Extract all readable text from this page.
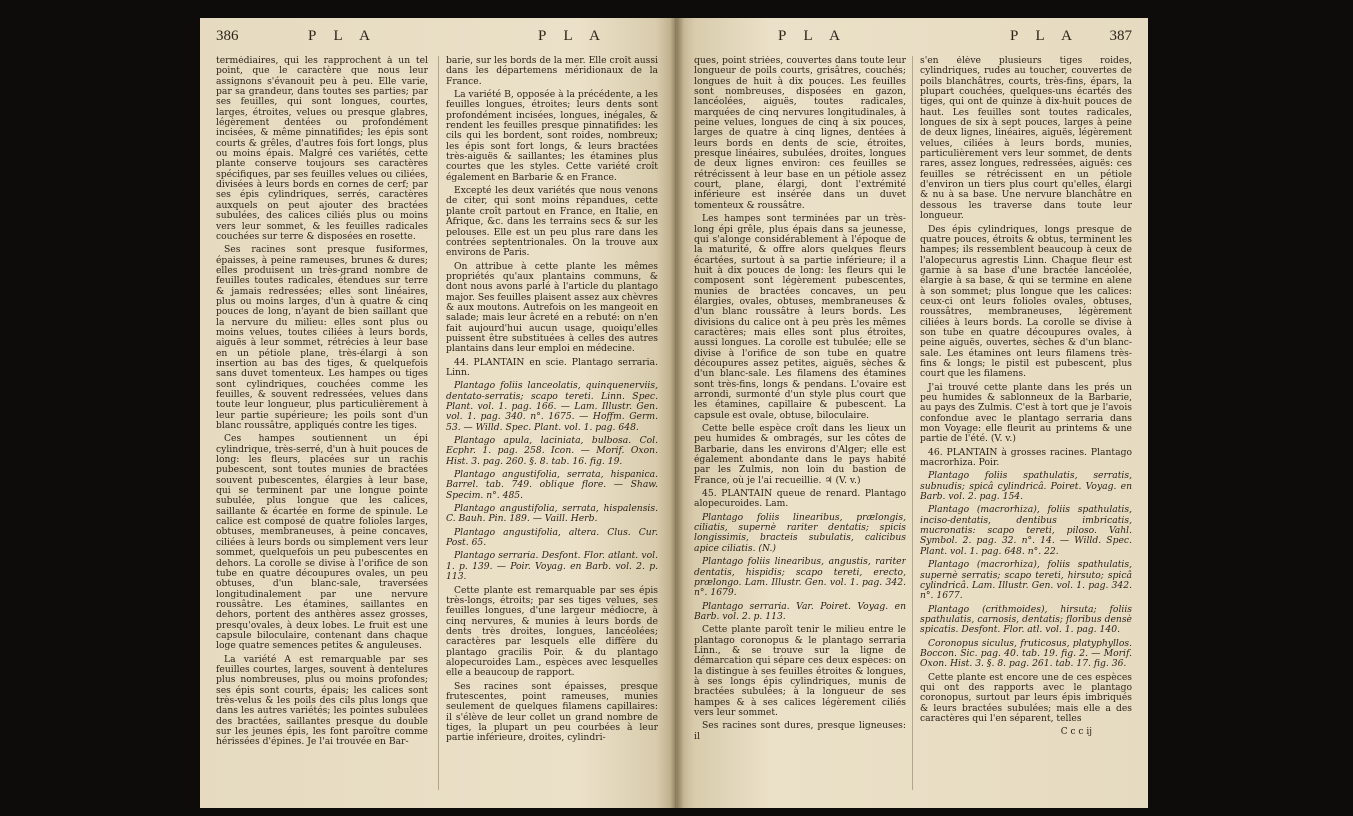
386	P L A	P L A

termédiaires, qui les rapprochent à un tel point, que le caractère que nous leur assignons s'évanouit peu à peu. Elle varie, par sa grandeur, dans toutes ses parties; par ses feuilles, qui sont longues, courtes, larges, étroites, velues ou presque glabres, légèrement dentées ou profondément incisées, & même pinnatifides; les épis sont courts & grêles, d'autres fois fort longs, plus ou moins épais. Malgré ces variétés, cette plante conserve toujours ses caractères spécifiques, par ses feuilles velues ou ciliées, divisées à leurs bords en cornes de cerf; par ses épis cylindriques, serrés, caractères auxquels on peut ajouter des bractées subulées, des calices ciliés plus ou moins vers leur sommet, & les feuilles radicales couchées sur terre & disposées en rosette.

Ses racines sont presque fusiformes, épaisses, à peine rameuses, brunes & dures; elles produisent un très-grand nombre de feuilles toutes radicales, étendues sur terre & jamais redressées; elles sont linéaires, plus ou moins larges, d'un à quatre & cinq pouces de long, n'ayant de bien saillant que la nervure du milieu: elles sont plus ou moins velues, toutes ciliées à leurs bords, aiguës à leur sommet, rétrécies à leur base en un pétiole plane, très-élargi à son insertion au bas des tiges, & quelquefois sans duvet tomenteux. Les hampes ou tiges sont cylindriques, couchées comme les feuilles, & souvent redressées, velues dans toute leur longueur, plus particulièrement à leur partie supérieure; les poils sont d'un blanc roussâtre, appliqués contre les tiges.

Ces hampes soutiennent un épi cylindrique, très-serré, d'un à huit pouces de long: les fleurs, placées sur un rachis pubescent, sont toutes munies de bractées souvent pubescentes, élargies à leur base, qui se terminent par une longue pointe subulée, plus longue que les calices, saillante & écartée en forme de spinule. Le calice est composé de quatre folioles larges, obtuses, membraneuses, à peine concaves, ciliées à leurs bords ou simplement vers leur sommet, quelquefois un peu pubescentes en dehors. La corolle se divise à l'orifice de son tube en quatre découpures ovales, un peu obtuses, d'un blanc-sale, traversées longitudinalement par une nervure roussâtre. Les étamines, saillantes en dehors, portent des anthères assez grosses, presqu'ovales, à deux lobes. Le fruit est une capsule biloculaire, contenant dans chaque loge quatre semences petites & anguleuses.

La variété A est remarquable par ses feuilles courtes, larges, souvent à dentelures plus nombreuses, plus ou moins profondes; ses épis sont courts, épais; les calices sont très-velus & les poils des cils plus longs que dans les autres variétés; les pointes subulées des bractées, saillantes presque du double sur les jeunes épis, les font paroître comme hérissées d'épines. Je l'ai trouvée en Bar-

barie, sur les bords de la mer. Elle croît aussi dans les départemens méridionaux de la France.

La variété B, opposée à la précédente, a les feuilles longues, étroites; leurs dents sont profondément incisées, longues, inégales, & rendent les feuilles presque pinnatifides: les cils qui les bordent, sont roides, nombreux; les épis sont fort longs, & leurs bractées très-aiguës & saillantes; les étamines plus courtes que les styles. Cette variété croît également en Barbarie & en France.

Excepté les deux variétés que nous venons de citer, qui sont moins répandues, cette plante croît partout en France, en Italie, en Afrique, &c. dans les terrains secs & sur les pelouses. Elle est un peu plus rare dans les contrées septentrionales. On la trouve aux environs de Paris.

On attribue à cette plante les mêmes propriétés qu'aux plantains communs, & dont nous avons parlé à l'article du plantago major. Ses feuilles plaisent assez aux chèvres & aux moutons. Autrefois on les mangeoit en salade; mais leur âcreté en a rebuté: on n'en fait aujourd'hui aucun usage, quoiqu'elles puissent être substituées à celles des autres plantains dans leur emploi en médecine.

44. PLANTAIN en scie. Plantago serraria. Linn.

Plantago foliis lanceolatis, quinquenerviis, dentato-serratis; scapo tereti. Linn. Spec. Plant. vol. 1. pag. 166. — Lam. Illustr. Gen. vol. 1. pag. 340. n°. 1675. — Hoffm. Germ. 53. — Willd. Spec. Plant. vol. 1. pag. 648.

Plantago apula, laciniata, bulbosa. Col. Ecphr. 1. pag. 258. Icon. — Morif. Oxon. Hist. 3. pag. 260. §. 8. tab. 16. fig. 19.

Plantago angustifolia, serrata, hispanica. Barrel. tab. 749. oblique flore. — Shaw. Specim. n°. 485.

Plantago angustifolia, serrata, hispalensis. C. Bauh. Pin. 189. — Vaill. Herb.

Plantago angustifolia, altera. Clus. Cur. Post. 65.

Plantago serraria. Desfont. Flor. atlant. vol. 1. p. 139. — Poir. Voyag. en Barb. vol. 2. p. 113.

Cette plante est remarquable par ses épis très-longs, étroits; par ses tiges velues, ses feuilles longues, d'une largeur médiocre, à cinq nervures, & munies à leurs bords de dents très droites, longues, lancéolées; caractères par lesquels elle diffère du plantago gracilis Poir. & du plantago alopecuroides Lam., espèces avec lesquelles elle a beaucoup de rapport.

Ses racines sont épaisses, presque frutescentes, point rameuses, munies seulement de quelques filamens capillaires: il s'élève de leur collet un grand nombre de tiges, la plupart un peu courbées à leur partie inférieure, droites, cylindri-

P L A	P L A 387

ques, point striées, couvertes dans toute leur longueur de poils courts, grisâtres, couchés; longues de huit à dix pouces. Les feuilles sont nombreuses, disposées en gazon, lancéolées, aiguës, toutes radicales, marquées de cinq nervures longitudinales, à peine velues, longues de cinq à six pouces, larges de quatre à cinq lignes, dentées à leurs bords en dents de scie, étroites, presque linéaires, subulées, droites, longues de deux lignes environ: ces feuilles se rétrécissent à leur base en un pétiole assez court, plane, élargi, dont l'extrémité inférieure est insérée dans un duvet tomenteux & roussâtre.

Les hampes sont terminées par un très-long épi grêle, plus épais dans sa jeunesse, qui s'alonge considérablement à l'époque de la maturité, & offre alors quelques fleurs écartées, surtout à sa partie inférieure; il a huit à dix pouces de long: les fleurs qui le composent sont légèrement pubescentes, munies de bractées concaves, un peu élargies, ovales, obtuses, membraneuses & d'un blanc roussâtre à leurs bords. Les divisions du calice ont à peu près les mêmes caractères; mais elles sont plus étroites, aussi longues. La corolle est tubulée; elle se divise à l'orifice de son tube en quatre découpures assez petites, aiguës, sèches & d'un blanc-sale. Les filamens des étamines sont très-fins, longs & pendans. L'ovaire est arrondi, surmonté d'un style plus court que les étamines, capillaire & pubescent. La capsule est ovale, obtuse, biloculaire.

Cette belle espèce croît dans les lieux un peu humides & ombragés, sur les côtes de Barbarie, dans les environs d'Alger; elle est également abondante dans le pays habité par les Zulmis, non loin du bastion de France, où je l'ai recueillie. ♃ (V. v.)

45. PLANTAIN queue de renard. Plantago alopecuroides. Lam.

Plantago foliis linearibus, prælongis, ciliatis, supernè rariter dentatis; spicis longissimis, bracteis subulatis, calicibus apice ciliatis. (N.)

Plantago foliis linearibus, angustis, rariter dentatis, hispidis; scapo tereti, erecto, prælongo. Lam. Illustr. Gen. vol. 1. pag. 342. n°. 1679.

Plantago serraria. Var. Poiret. Voyag. en Barb. vol. 2. p. 113.

Cette plante paroît tenir le milieu entre le plantago coronopus & le plantago serraria Linn., & se trouve sur la ligne de démarcation qui sépare ces deux espèces: on la distingue à ses feuilles étroites & longues, à ses longs épis cylindriques, munis de bractées subulées; à la longueur de ses hampes & à ses calices légèrement ciliés vers leur sommet.

Ses racines sont dures, presque ligneuses: il

s'en élève plusieurs tiges roides, cylindriques, rudes au toucher, couvertes de poils blanchâtres, courts, très-fins, épars, la plupart couchées, quelques-uns écartés des tiges, qui ont de quinze à dix-huit pouces de haut. Les feuilles sont toutes radicales, longues de six à sept pouces, larges à peine de deux lignes, linéaires, aiguës, légèrement velues, ciliées à leurs bords, munies, particulièrement vers leur sommet, de dents rares, assez longues, redressées, aiguës: ces feuilles se rétrécissent en un pétiole d'environ un tiers plus court qu'elles, élargi & nu à sa base. Une nervure blanchâtre en dessous les traverse dans toute leur longueur.

Des épis cylindriques, longs presque de quatre pouces, étroits & obtus, terminent les hampes; ils ressemblent beaucoup à ceux de l'alopecurus agrestis Linn. Chaque fleur est garnie à sa base d'une bractée lancéolée, élargie à sa base, & qui se termine en alene à son sommet; plus longue que les calices: ceux-ci ont leurs folioles ovales, obtuses, roussâtres, membraneuses, légèrement ciliées à leurs bords. La corolle se divise à son tube en quatre découpures ovales, à peine aiguës, ouvertes, sèches & d'un blanc-sale. Les étamines ont leurs filamens très-fins & longs; le pistil est pubescent, plus court que les filamens.

J'ai trouvé cette plante dans les prés un peu humides & sablonneux de la Barbarie, au pays des Zulmis. C'est à tort que je l'avois confondue avec le plantago serraria dans mon Voyage: elle fleurit au printems & une partie de l'été. (V. v.)

46. PLANTAIN à grosses racines. Plantago macrorhiza. Poir.

Plantago foliis spathulatis, serratis, subnudis; spicâ cylindricâ. Poiret. Voyag. en Barb. vol. 2. pag. 154.

Plantago (macrorhiza), foliis spathulatis, inciso-dentatis, dentibus imbricatis, mucronatis: scapo tereti, piloso. Vahl. Symbol. 2. pag. 32. n°. 14. — Willd. Spec. Plant. vol. 1. pag. 648. n°. 22.

Plantago (macrorhiza), foliis spathulatis, supernè serratis; scapo tereti, hirsuto; spicâ cylindricâ. Lam. Illustr. Gen. vol. 1. pag. 342. n°. 1677.

Plantago (crithmoides), hirsuta; foliis spathulatis, carnosis, dentatis; floribus densè spicatis. Desfont. Flor. atl. vol. 1. pag. 140.

Coronopus siculus, fruticosus, platyphyllos. Boccon. Sic. pag. 40. tab. 19. fig. 2. — Morif. Oxon. Hist. 3. §. 8. pag. 261. tab. 17. fig. 36.

Cette plante est encore une de ces espèces qui ont des rapports avec le plantago coronopus, surtout par leurs épis imbriqués & leurs bractées subulées; mais elle a des caractères qui l'en séparent, telles

C c c ij
